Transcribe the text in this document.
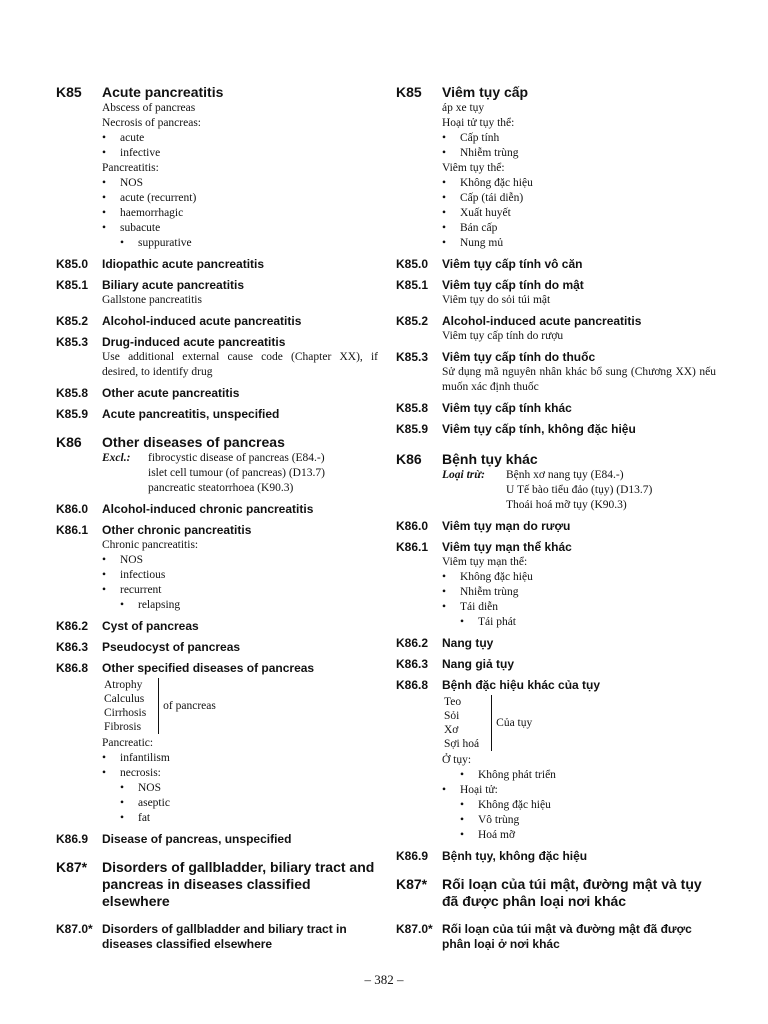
K85 Acute pancreatitis
Abscess of pancreas
Necrosis of pancreas:
• acute
• infective
Pancreatitis:
• NOS
• acute (recurrent)
• haemorrhagic
• subacute
• suppurative
K85.0 Idiopathic acute pancreatitis
K85.1 Biliary acute pancreatitis
Gallstone pancreatitis
K85.2 Alcohol-induced acute pancreatitis
K85.3 Drug-induced acute pancreatitis
Use additional external cause code (Chapter XX), if desired, to identify drug
K85.8 Other acute pancreatitis
K85.9 Acute pancreatitis, unspecified
K86 Other diseases of pancreas
Excl.:	fibrocystic disease of pancreas (E84.-)
islet cell tumour (of pancreas) (D13.7)
pancreatic steatorrhoea (K90.3)
K86.0 Alcohol-induced chronic pancreatitis
K86.1 Other chronic pancreatitis
Chronic pancreatitis:
• NOS
• infectious
• recurrent
• relapsing
K86.2 Cyst of pancreas
K86.3 Pseudocyst of pancreas
K86.8 Other specified diseases of pancreas
Atrophy
Calculus
Cirrhosis
Fibrosis
of pancreas
Pancreatic:
• infantilism
• necrosis:
• NOS
• aseptic
• fat
K86.9 Disease of pancreas, unspecified
K87* Disorders of gallbladder, biliary tract and pancreas in diseases classified elsewhere
K87.0* Disorders of gallbladder and biliary tract in diseases classified elsewhere
K85 Viêm tụy cấp
áp xe tụy
Hoại tử tụy thể:
• Cấp tính
• Nhiễm trùng
Viêm tụy thể:
• Không đặc hiệu
• Cấp (tái diễn)
• Xuất huyết
• Bán cấp
• Nung mủ
K85.0 Viêm tụy cấp tính vô căn
K85.1 Viêm tụy cấp tính do mật
Viêm tụy do sỏi túi mật
K85.2 Alcohol-induced acute pancreatitis
Viêm tụy cấp tính do rượu
K85.3 Viêm tụy cấp tính do thuốc
Sử dụng mã nguyên nhân khác bổ sung (Chương XX) nếu muốn xác định thuốc
K85.8 Viêm tụy cấp tính khác
K85.9 Viêm tụy cấp tính, không đặc hiệu
K86 Bệnh tụy khác
Loại trừ:	Bệnh xơ nang tụy (E84.-)
U Tế bào tiểu đảo (tụy) (D13.7)
Thoái hoá mỡ tụy (K90.3)
K86.0 Viêm tụy mạn do rượu
K86.1 Viêm tụy mạn thể khác
Viêm tụy mạn thể:
• Không đặc hiệu
• Nhiễm trùng
• Tái diễn
• Tái phát
K86.2 Nang tụy
K86.3 Nang giả tụy
K86.8 Bệnh đặc hiệu khác của tụy
Teo
Sỏi
Xơ
Sợi hoá
Của tụy
Ở tụy:
• Không phát triển
• Hoại tử:
• Không đặc hiệu
• Vô trùng
• Hoá mỡ
K86.9 Bệnh tụy, không đặc hiệu
K87* Rối loạn của túi mật, đường mật và tụy đã được phân loại nơi khác
K87.0* Rối loạn của túi mật và đường mật đã được phân loại ở nơi khác
– 382 –
